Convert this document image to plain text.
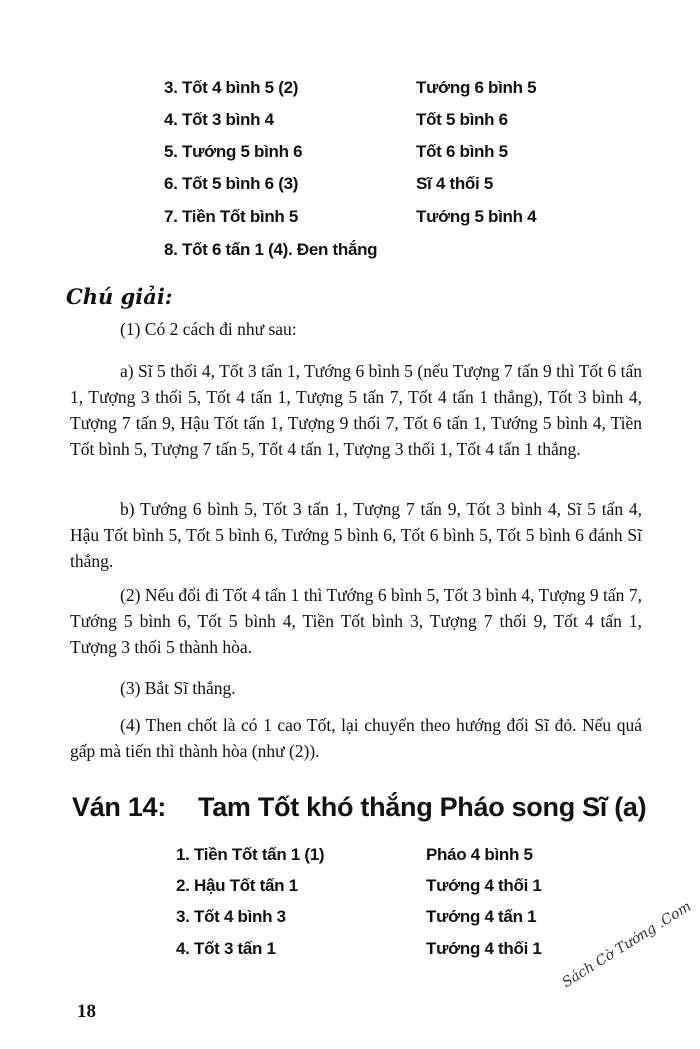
3. Tốt 4 bình 5 (2)	Tướng 6 bình 5
4. Tốt 3 bình 4	Tốt 5 bình 6
5. Tướng 5 bình 6	Tốt 6 bình 5
6. Tốt 5 bình 6 (3)	Sĩ 4 thối 5
7. Tiền Tốt bình 5	Tướng 5 bình 4
8. Tốt 6 tấn 1 (4). Đen thắng
Chú giải:

(1) Có 2 cách đi như sau:

a) Sĩ 5 thối 4, Tốt 3 tấn 1, Tướng 6 bình 5 (nếu Tượng 7 tấn 9 thì Tốt 6 tấn 1, Tượng 3 thối 5, Tốt 4 tấn 1, Tượng 5 tấn 7, Tốt 4 tấn 1 thắng), Tốt 3 bình 4, Tượng 7 tấn 9, Hậu Tốt tấn 1, Tượng 9 thối 7, Tốt 6 tấn 1, Tướng 5 bình 4, Tiền Tốt bình 5, Tượng 7 tấn 5, Tốt 4 tấn 1, Tượng 3 thối 1, Tốt 4 tấn 1 thắng.

b) Tướng 6 bình 5, Tốt 3 tấn 1, Tượng 7 tấn 9, Tốt 3 bình 4, Sĩ 5 tấn 4, Hậu Tốt bình 5, Tốt 5 bình 6, Tướng 5 bình 6, Tốt 6 bình 5, Tốt 5 bình 6 đánh Sĩ thắng.

(2) Nếu đổi đi Tốt 4 tấn 1 thì Tướng 6 bình 5, Tốt 3 bình 4, Tượng 9 tấn 7, Tướng 5 bình 6, Tốt 5 bình 4, Tiền Tốt bình 3, Tượng 7 thối 9, Tốt 4 tấn 1, Tượng 3 thối 5 thành hòa.

(3) Bắt Sĩ thắng.

(4) Then chốt là có 1 cao Tốt, lại chuyển theo hướng đối Sĩ đỏ. Nếu quá gấp mà tiến thì thành hòa (như (2)).

Ván 14: Tam Tốt khó thắng Pháo song Sĩ (a)
1. Tiền Tốt tấn 1 (1)	Pháo 4 bình 5
2. Hậu Tốt tấn 1	Tướng 4 thối 1
3. Tốt 4 bình 3	Tướng 4 tấn 1
4. Tốt 3 tấn 1	Tướng 4 thối 1
18
Sách Cờ Tướng .Com
